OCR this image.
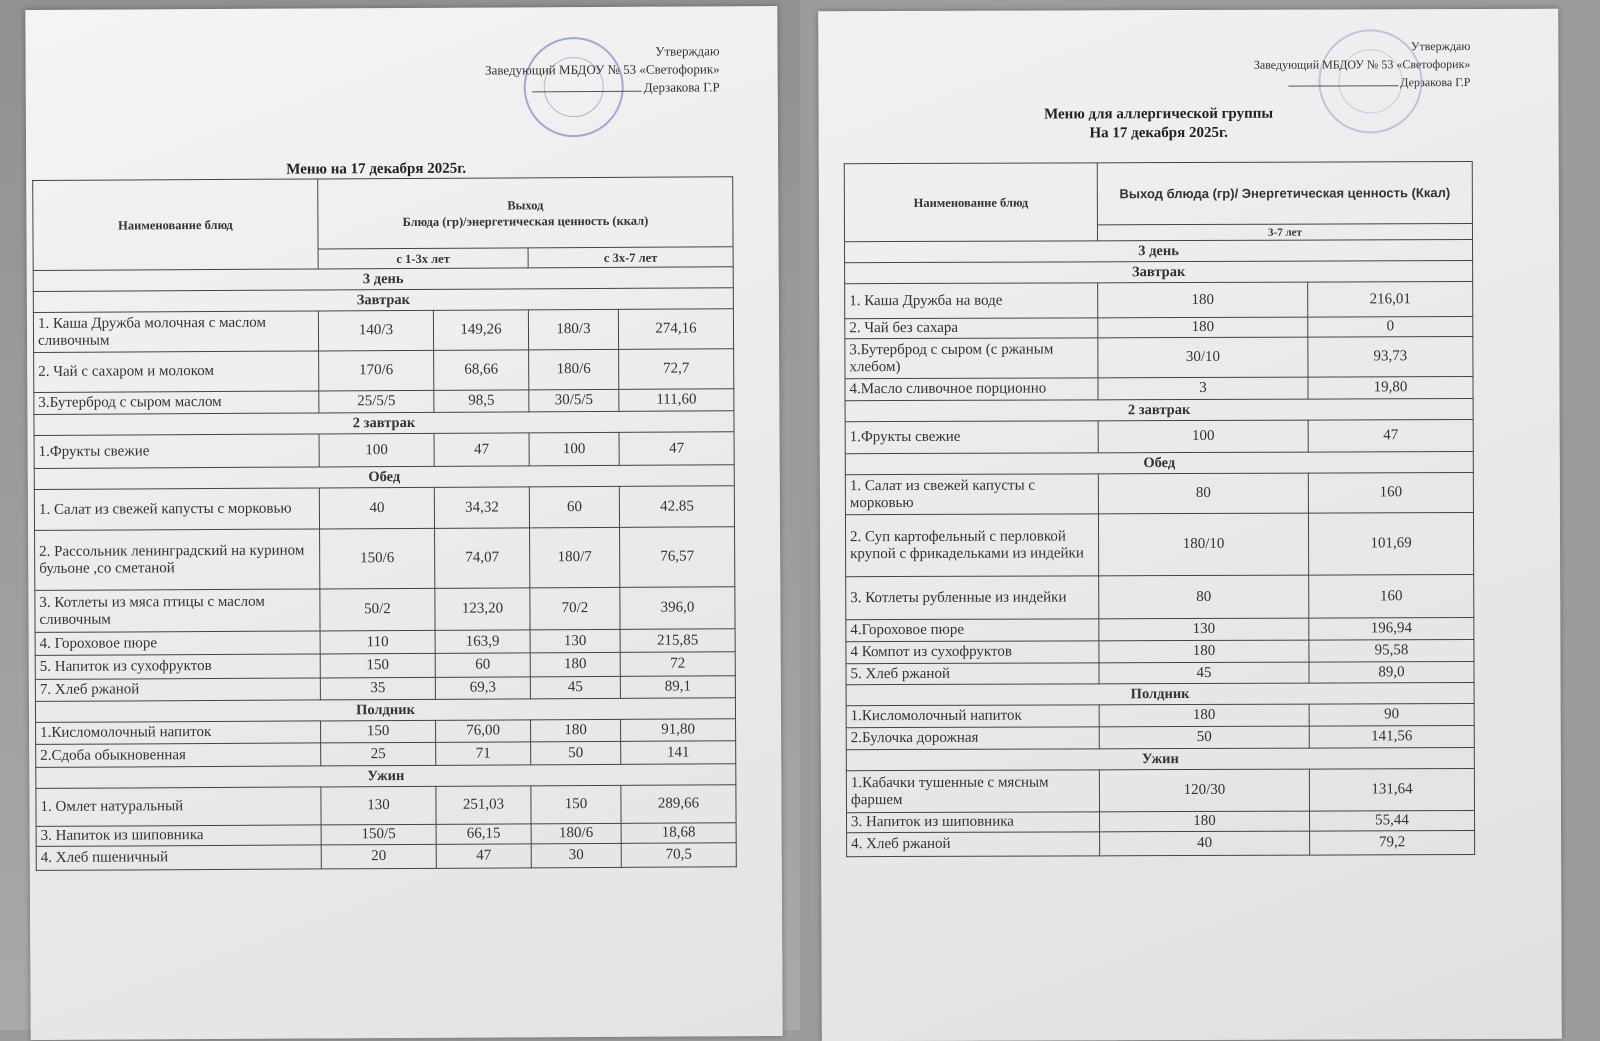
Утверждаю
Заведующий МБДОУ № 53 «Светофорик»
Дерзакова Г.Р
Меню на 17 декабря 2025г.
Наименование блюд	Выход
Блюда (гр)/энергетическая ценность (ккал)			

	с 1-3х лет		с 3х-7 лет	
3 день				
Завтрак				
1. Каша Дружба молочная с маслом сливочным	140/3	149,26	180/3	274,16
2. Чай с сахаром и молоком	170/6	68,66	180/6	72,7
3.Бутерброд с сыром маслом	25/5/5	98,5	30/5/5	111,60
2 завтрак				
1.Фрукты свежие	100	47	100	47
Обед				
1. Салат из свежей капусты с морковью	40	34,32	60	42.85
2. Рассольник ленинградский на курином бульоне ,со сметаной	150/6	74,07	180/7	76,57
3. Котлеты из мяса птицы с маслом сливочным	50/2	123,20	70/2	396,0
4. Гороховое пюре	110	163,9	130	215,85
5. Напиток из сухофруктов	150	60	180	72
7. Хлеб ржаной	35	69,3	45	89,1
Полдник				
1.Кисломолочный напиток	150	76,00	180	91,80
2.Сдоба обыкновенная	25	71	50	141
Ужин				
1. Омлет натуральный	130	251,03	150	289,66
3. Напиток из шиповника	150/5	66,15	180/6	18,68
4. Хлеб пшеничный	20	47	30	70,5
Утверждаю
Заведующий МБДОУ № 53 «Светофорик»
Дерзакова Г.Р
Меню для аллергической группы
На 17 декабря 2025г.
Наименование блюд	Выход блюда (гр)/ Энергетическая ценность (Ккал)	
	3-7 лет	
3 день		
Завтрак		
1. Каша Дружба на воде	180	216,01
2. Чай без сахара	180	0
3.Бутерброд с сыром (с ржаным хлебом)	30/10	93,73
4.Масло сливочное порционно	3	19,80
2 завтрак		
1.Фрукты свежие	100	47
Обед		
1. Салат из свежей капусты с морковью	80	160
2. Суп картофельный с перловкой крупой с фрикадельками из индейки	180/10	101,69
3. Котлеты рубленные из индейки	80	160
4.Гороховое пюре	130	196,94
4 Компот из сухофруктов	180	95,58
5. Хлеб ржаной	45	89,0
Полдник		
1.Кисломолочный напиток	180	90
2.Булочка дорожная	50	141,56
Ужин		
1.Кабачки тушенные с мясным фаршем	120/30	131,64
3. Напиток из шиповника	180	55,44
4. Хлеб ржаной	40	79,2
